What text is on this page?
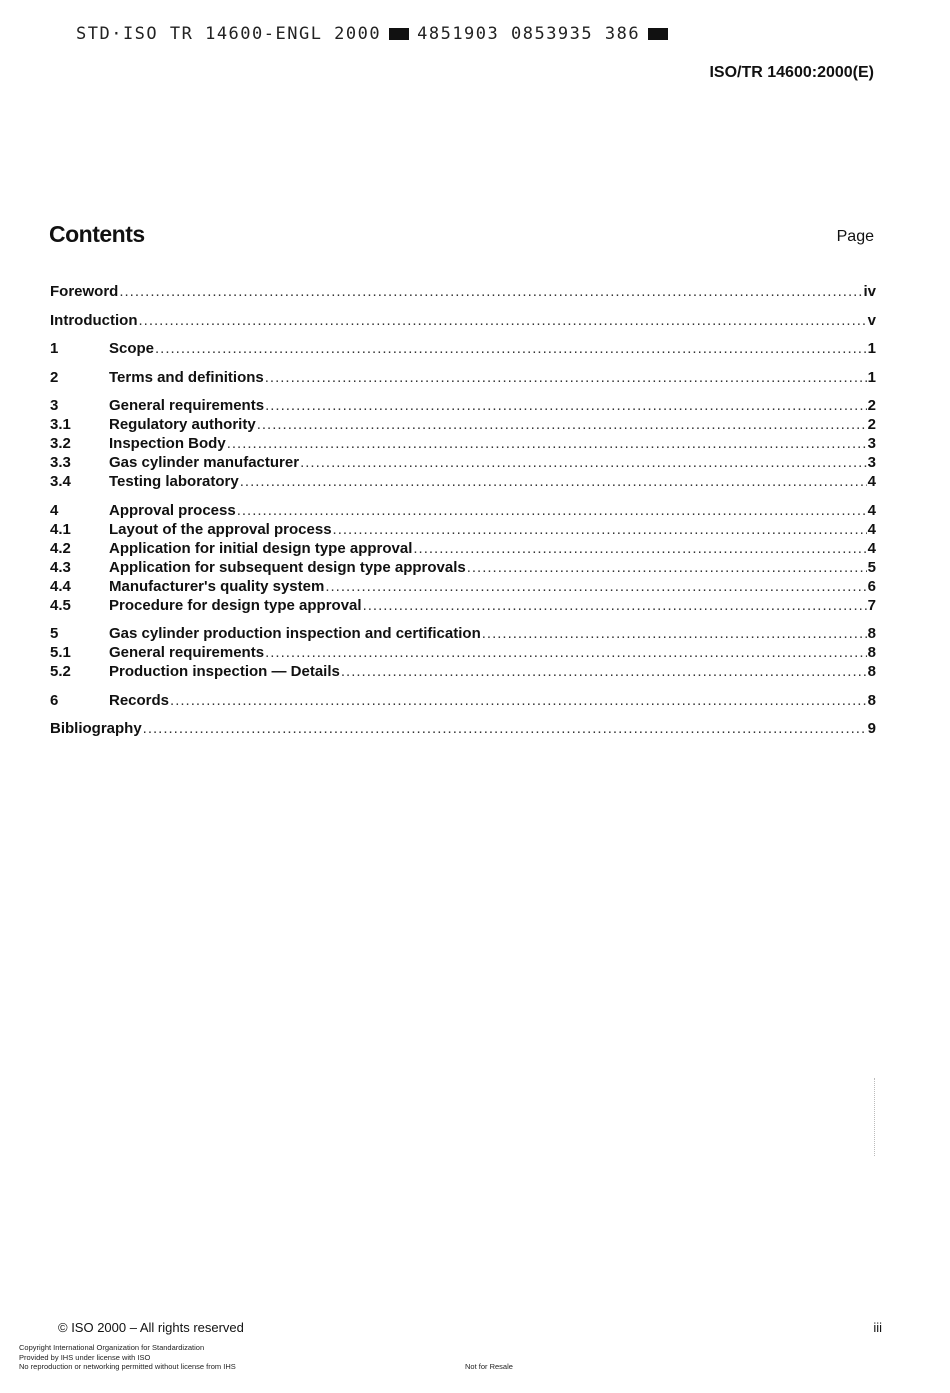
STD·ISO TR 14600-ENGL 2000 4851903 0853935 386
ISO/TR 14600:2000(E)
Contents	Page
Foreword .....	iv
Introduction .....	v
1	Scope .....	1
2	Terms and definitions .....	1
3	General requirements .....	2
3.1	Regulatory authority .....	2
3.2	Inspection Body .....	3
3.3	Gas cylinder manufacturer .....	3
3.4	Testing laboratory .....	4
4	Approval process .....	4
4.1	Layout of the approval process .....	4
4.2	Application for initial design type approval .....	4
4.3	Application for subsequent design type approvals .....	5
4.4	Manufacturer's quality system .....	6
4.5	Procedure for design type approval .....	7
5	Gas cylinder production inspection and certification .....	8
5.1	General requirements .....	8
5.2	Production inspection — Details .....	8
6	Records .....	8
Bibliography .....	9
© ISO 2000 – All rights reserved	iii
Copyright International Organization for Standardization
Provided by IHS under license with ISO
No reproduction or networking permitted without license from IHS	Not for Resale
